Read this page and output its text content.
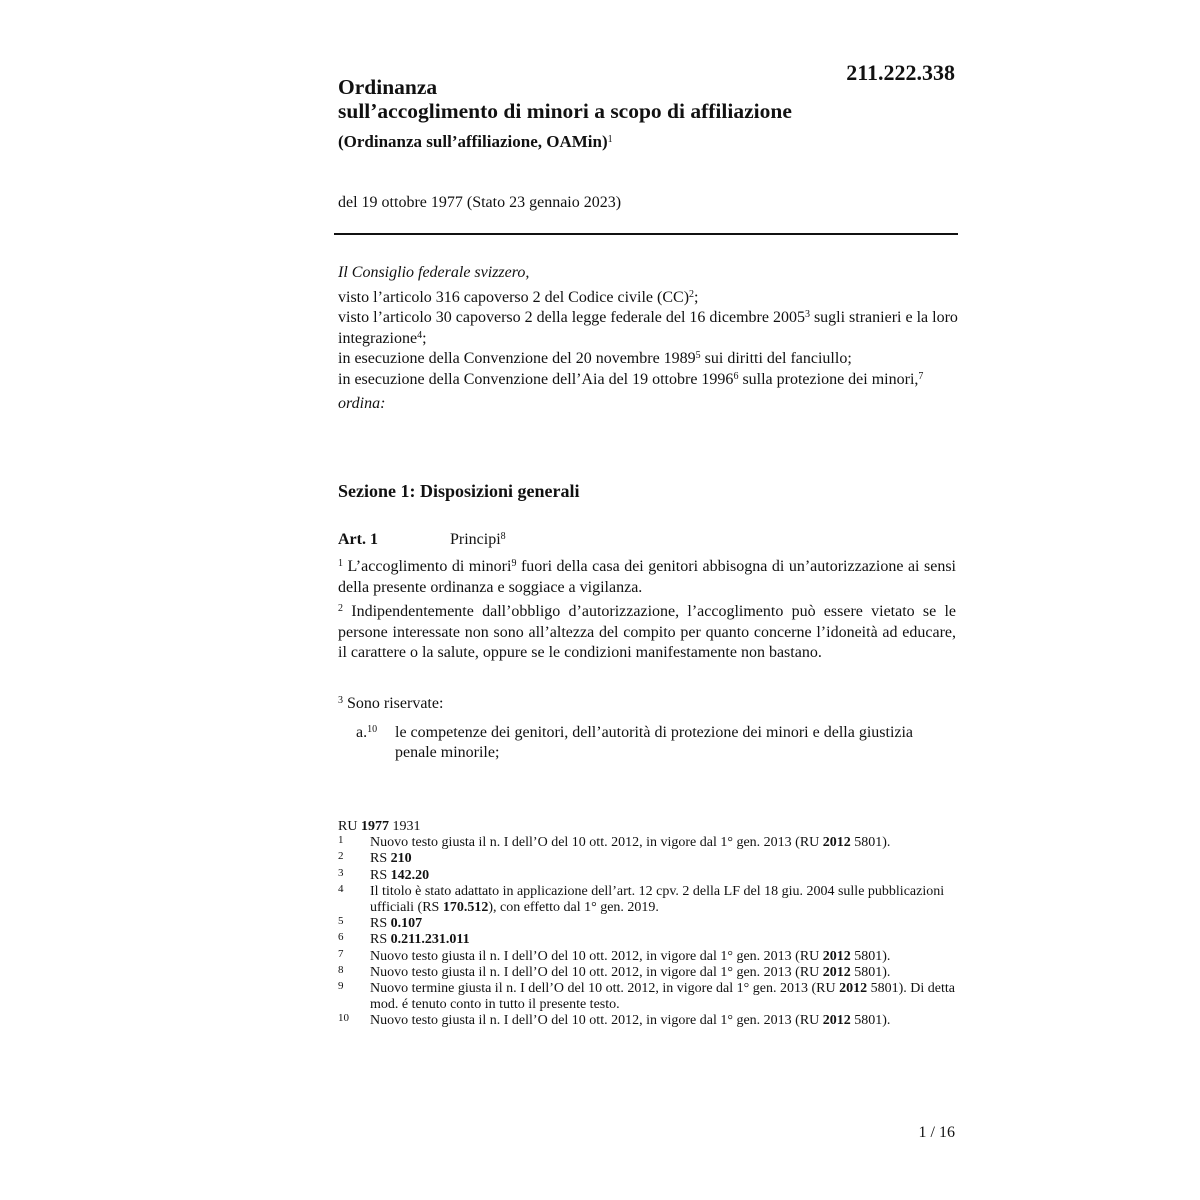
211.222.338
Ordinanza
sull’accoglimento di minori a scopo di affiliazione
(Ordinanza sull’affiliazione, OAMin)$^1$
del 19 ottobre 1977 (Stato 23 gennaio 2023)
Il Consiglio federale svizzero,
visto l’articolo 316 capoverso 2 del Codice civile (CC)$^2$;
visto l’articolo 30 capoverso 2 della legge federale del 16 dicembre 2005$^3$ sugli stranieri e la loro integrazione$^4$;
in esecuzione della Convenzione del 20 novembre 1989$^5$ sui diritti del fanciullo;
in esecuzione della Convenzione dell’Aia del 19 ottobre 1996$^6$ sulla protezione dei minori,$^7$
ordina:
Sezione 1: Disposizioni generali
Art. 1	Principi$^8$
$^1$ L’accoglimento di minori$^9$ fuori della casa dei genitori abbisogna di un’autorizzazione ai sensi della presente ordinanza e soggiace a vigilanza.
$^2$ Indipendentemente dall’obbligo d’autorizzazione, l’accoglimento può essere vietato se le persone interessate non sono all’altezza del compito per quanto concerne l’idoneità ad educare, il carattere o la salute, oppure se le condizioni manifestamente non bastano.
$^3$ Sono riservate:
a.$^{10}$ le competenze dei genitori, dell’autorità di protezione dei minori e della giustizia penale minorile;
RU 1977 1931
1 Nuovo testo giusta il n. I dell’O del 10 ott. 2012, in vigore dal 1° gen. 2013 (RU 2012 5801).
2 RS 210
3 RS 142.20
4 Il titolo è stato adattato in applicazione dell’art. 12 cpv. 2 della LF del 18 giu. 2004 sulle pubblicazioni ufficiali (RS 170.512), con effetto dal 1° gen. 2019.
5 RS 0.107
6 RS 0.211.231.011
7 Nuovo testo giusta il n. I dell’O del 10 ott. 2012, in vigore dal 1° gen. 2013 (RU 2012 5801).
8 Nuovo testo giusta il n. I dell’O del 10 ott. 2012, in vigore dal 1° gen. 2013 (RU 2012 5801).
9 Nuovo termine giusta il n. I dell’O del 10 ott. 2012, in vigore dal 1° gen. 2013 (RU 2012 5801). Di detta mod. é tenuto conto in tutto il presente testo.
10 Nuovo testo giusta il n. I dell’O del 10 ott. 2012, in vigore dal 1° gen. 2013 (RU 2012 5801).
1 / 16
